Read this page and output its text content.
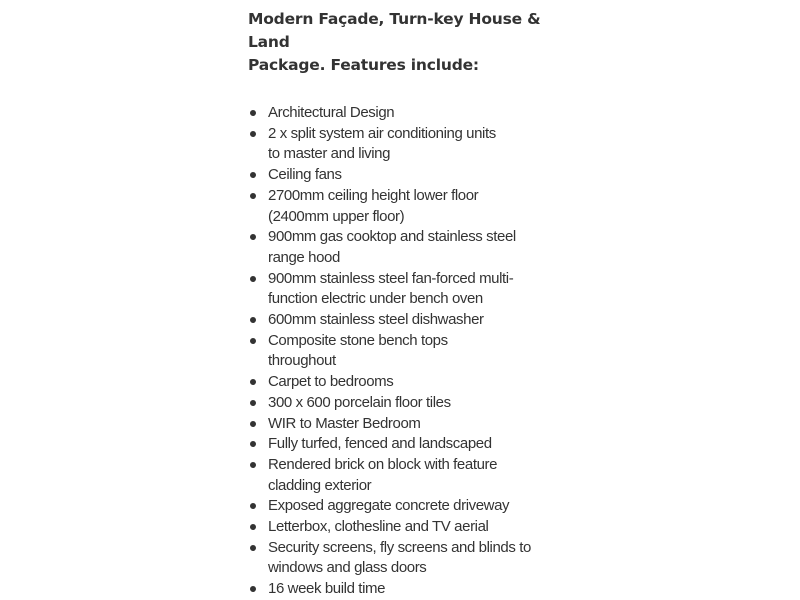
Modern Façade, Turn-key House & Land
Package. Features include:
Architectural Design
2 x split system air conditioning units
to master and living
Ceiling fans
2700mm ceiling height lower floor
(2400mm upper floor)
900mm gas cooktop and stainless steel
range hood
900mm stainless steel fan-forced multi-
function electric under bench oven
600mm stainless steel dishwasher
Composite stone bench tops
throughout
Carpet to bedrooms
300 x 600 porcelain floor tiles
WIR to Master Bedroom
Fully turfed, fenced and landscaped
Rendered brick on block with feature
cladding exterior
Exposed aggregate concrete driveway
Letterbox, clothesline and TV aerial
Security screens, fly screens and blinds to
windows and glass doors
16 week build time
